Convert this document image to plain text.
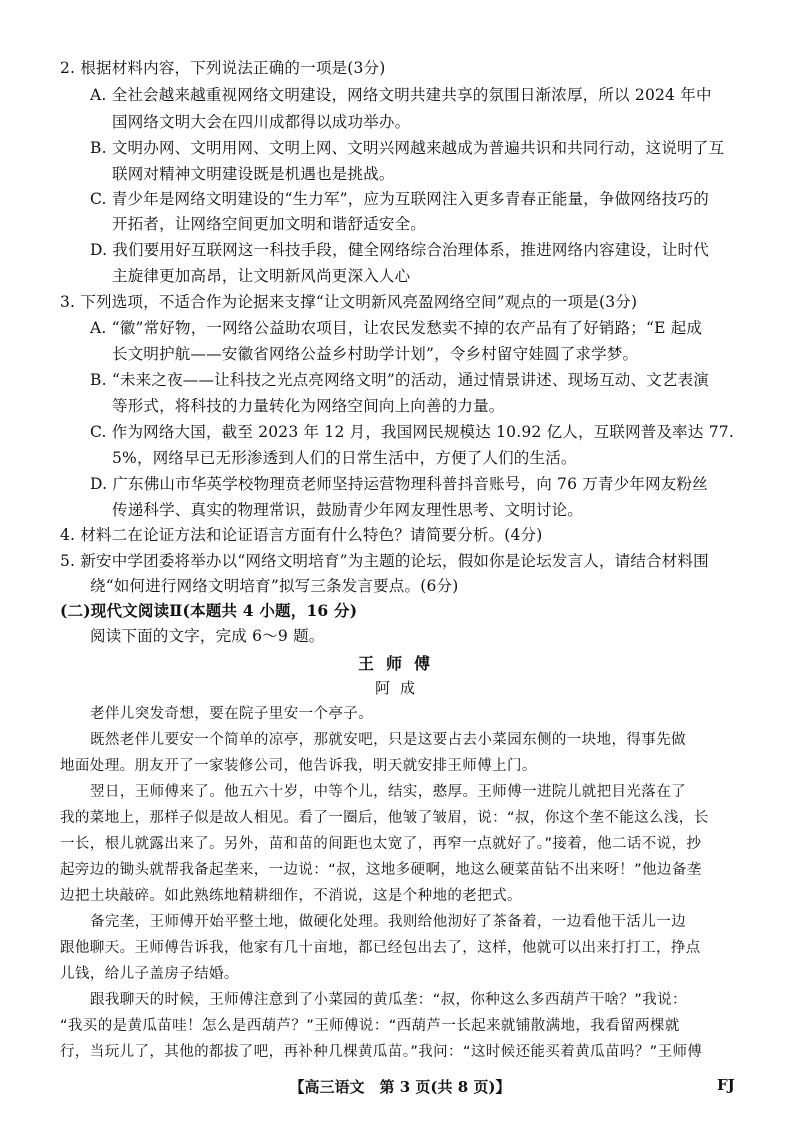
2. 根据材料内容，下列说法正确的一项是(3分)
A. 全社会越来越重视网络文明建设，网络文明共建共享的氛围日渐浓厚，所以 2024 年中
国网络文明大会在四川成都得以成功举办。
B. 文明办网、文明用网、文明上网、文明兴网越来越成为普遍共识和共同行动，这说明了互
联网对精神文明建设既是机遇也是挑战。
C. 青少年是网络文明建设的“生力军”，应为互联网注入更多青春正能量，争做网络技巧的
开拓者，让网络空间更加文明和谐舒适安全。
D. 我们要用好互联网这一科技手段，健全网络综合治理体系，推进网络内容建设，让时代
主旋律更加高昂，让文明新风尚更深入人心
3. 下列选项，不适合作为论据来支撑“让文明新风亮盈网络空间”观点的一项是(3分)
A. “徽”常好物，一网络公益助农项目，让农民发愁卖不掉的农产品有了好销路；“E 起成
长文明护航——安徽省网络公益乡村助学计划”，令乡村留守娃圆了求学梦。
B. “未来之夜——让科技之光点亮网络文明”的活动，通过情景讲述、现场互动、文艺表演
等形式，将科技的力量转化为网络空间向上向善的力量。
C. 作为网络大国，截至 2023 年 12 月，我国网民规模达 10.92 亿人，互联网普及率达 77.
5%，网络早已无形渗透到人们的日常生活中，方便了人们的生活。
D. 广东佛山市华英学校物理贲老师坚持运营物理科普抖音账号，向 76 万青少年网友粉丝
传递科学、真实的物理常识，鼓励青少年网友理性思考、文明讨论。
4. 材料二在论证方法和论证语言方面有什么特色？请简要分析。(4分)
5. 新安中学团委将举办以“网络文明培育”为主题的论坛，假如你是论坛发言人，请结合材料围
绕“如何进行网络文明培育”拟写三条发言要点。(6分)
(二)现代文阅读Ⅱ(本题共 4 小题，16 分)
阅读下面的文字，完成 6～9 题。
王师傅
阿成
老伴儿突发奇想，要在院子里安一个亭子。
既然老伴儿要安一个简单的凉亭，那就安吧，只是这要占去小菜园东侧的一块地，得事先做
地面处理。朋友开了一家装修公司，他告诉我，明天就安排王师傅上门。
翌日，王师傅来了。他五六十岁，中等个儿，结实，憨厚。王师傅一进院儿就把目光落在了
我的菜地上，那样子似是故人相见。看了一圈后，他皱了皱眉，说：“叔，你这个垄不能这么浅，长
一长，根儿就露出来了。另外，苗和苗的间距也太宽了，再窄一点就好了。”接着，他二话不说，抄
起旁边的锄头就帮我备起垄来，一边说：“叔，这地多硬啊，地这么硬菜苗钻不出来呀！”他边备垄
边把土块敲碎。如此熟练地精耕细作，不消说，这是个种地的老把式。
备完垄，王师傅开始平整土地，做硬化处理。我则给他沏好了茶备着，一边看他干活儿一边
跟他聊天。王师傅告诉我，他家有几十亩地，都已经包出去了，这样，他就可以出来打打工，挣点
儿钱，给儿子盖房子结婚。
跟我聊天的时候，王师傅注意到了小菜园的黄瓜垄：“叔，你种这么多西葫芦干啥？”我说：
“我买的是黄瓜苗哇！怎么是西葫芦？”王师傅说：“西葫芦一长起来就铺散满地，我看留两棵就
行，当玩儿了，其他的都拔了吧，再补种几棵黄瓜苗。”我问：“这时候还能买着黄瓜苗吗？”王师傅
【高三语文　第 3 页(共 8 页)】	FJ
